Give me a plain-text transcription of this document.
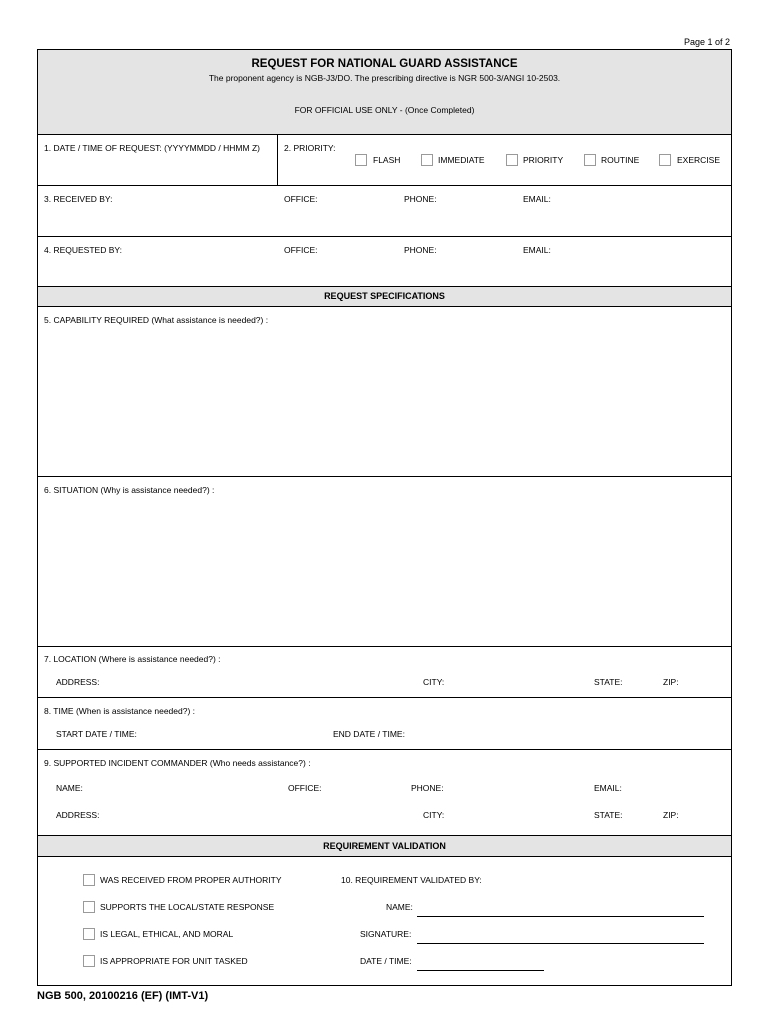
Page 1 of 2
REQUEST FOR NATIONAL GUARD ASSISTANCE
The proponent agency is NGB-J3/DO. The prescribing directive is NGR 500-3/ANGI 10-2503.
FOR OFFICIAL USE ONLY - (Once Completed)
1. DATE / TIME OF REQUEST: (YYYYMMDD / HHMM Z)	2. PRIORITY:
FLASH	IMMEDIATE	PRIORITY	ROUTINE	EXERCISE
3. RECEIVED BY:	OFFICE:	PHONE:	EMAIL:
4. REQUESTED BY:	OFFICE:	PHONE:	EMAIL:
REQUEST SPECIFICATIONS
5. CAPABILITY REQUIRED (What assistance is needed?) :
6. SITUATION (Why is assistance needed?) :
7. LOCATION (Where is assistance needed?) :
ADDRESS:	CITY:	STATE:	ZIP:
8. TIME (When is assistance needed?) :
START DATE / TIME:	END DATE / TIME:
9. SUPPORTED INCIDENT COMMANDER (Who needs assistance?) :
NAME:	OFFICE:	PHONE:	EMAIL:
ADDRESS:	CITY:	STATE:	ZIP:
REQUIREMENT VALIDATION
WAS RECEIVED FROM PROPER AUTHORITY
SUPPORTS THE LOCAL/STATE RESPONSE
IS LEGAL, ETHICAL, AND MORAL
IS APPROPRIATE FOR UNIT TASKED
10. REQUIREMENT VALIDATED BY:
NAME:
SIGNATURE:
DATE / TIME:
NGB 500, 20100216 (EF) (IMT-V1)
